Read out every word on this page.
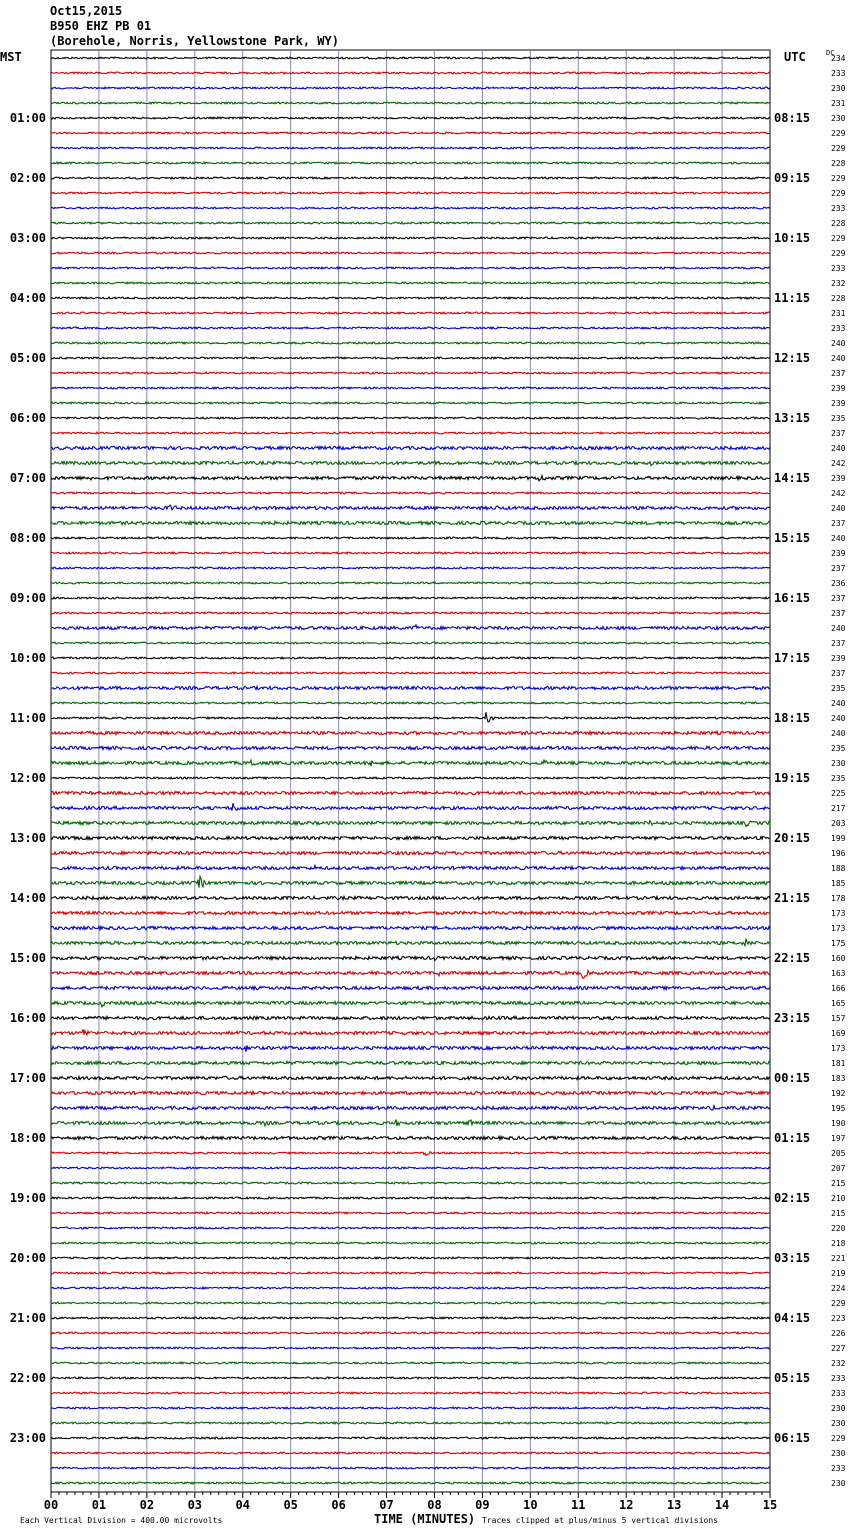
234
233
230
231
230
229
229
228
229
229
233
228
229
229
233
232
228
231
233
240
240
237
239
239
235
237
240
242
239
242
240
237
240
239
237
236
237
237
240
237
239
237
235
240
240
240
235
230
235
225
217
203
199
196
188
185
178
173
173
175
160
163
166
165
157
169
173
181
183
192
195
190
197
205
207
215
210
215
220
218
221
219
224
229
223
226
227
232
233
233
230
230
229
230
233
230
01:00	08:15
02:00	09:15
03:00	10:15
04:00	11:15
05:00	12:15
06:00	13:15
07:00	14:15
08:00	15:15
09:00	16:15
10:00	17:15
11:00	18:15
12:00	19:15
13:00	20:15
14:00	21:15
15:00	22:15
16:00	23:15
17:00	00:15
18:00	01:15
19:00	02:15
20:00	03:15
21:00	04:15
22:00	05:15
23:00	06:15
MST	UTC	DC
00	01	02	03	04	05	06	07	08	09	10	11	12	13	14	15
Each Vertical Division = 400.00 microvolts	TIME (MINUTES) Traces clipped at plus/minus 5 vertical divisions
Oct15,2015
B950 EHZ PB 01
(Borehole, Norris, Yellowstone Park, WY)
